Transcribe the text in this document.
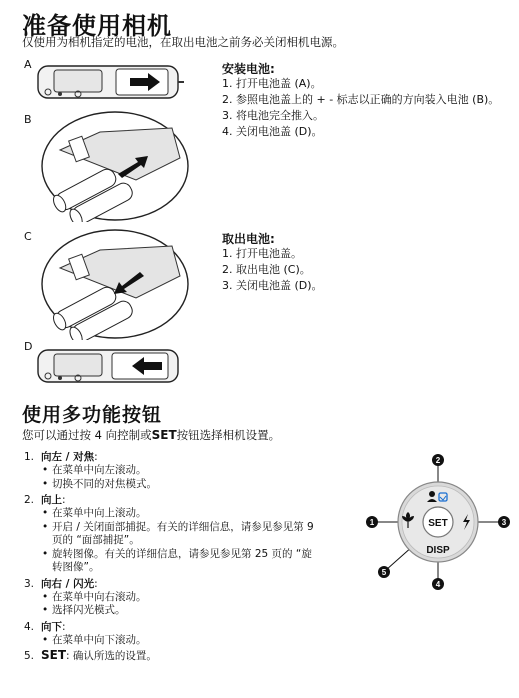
准备使用相机
仅使用为相机指定的电池，在取出电池之前务必关闭相机电源。
A
B
安装电池:
1. 打开电池盖 (A)。
2. 参照电池盖上的 + - 标志以正确的方向装入电池 (B)。
3. 将电池完全推入。
4. 关闭电池盖 (D)。
C	取出电池:
1. 打开电池盖。
2. 取出电池 (C)。
3. 关闭电池盖 (D)。
D
使用多功能按钮
您可以通过按 4 向控制或SET按钮选择相机设置。
1. 向左 / 对焦:
• 在菜单中向左滚动。
• 切换不同的对焦模式。
2. 向上:
• 在菜单中向上滚动。
• 开启 / 关闭面部捕捉。有关的详细信息，请参见参见第 9
页的 “面部捕捉”。
• 旋转图像。有关的详细信息，请参见参见第 25 页的 “旋
转图像”。
3. 向右 / 闪光:
• 在菜单中向右滚动。
• 选择闪光模式。
4. 向下:
• 在菜单中向下滚动。
5. SET: 确认所选的设置。
SET
DISP
2
1	3
4
5
